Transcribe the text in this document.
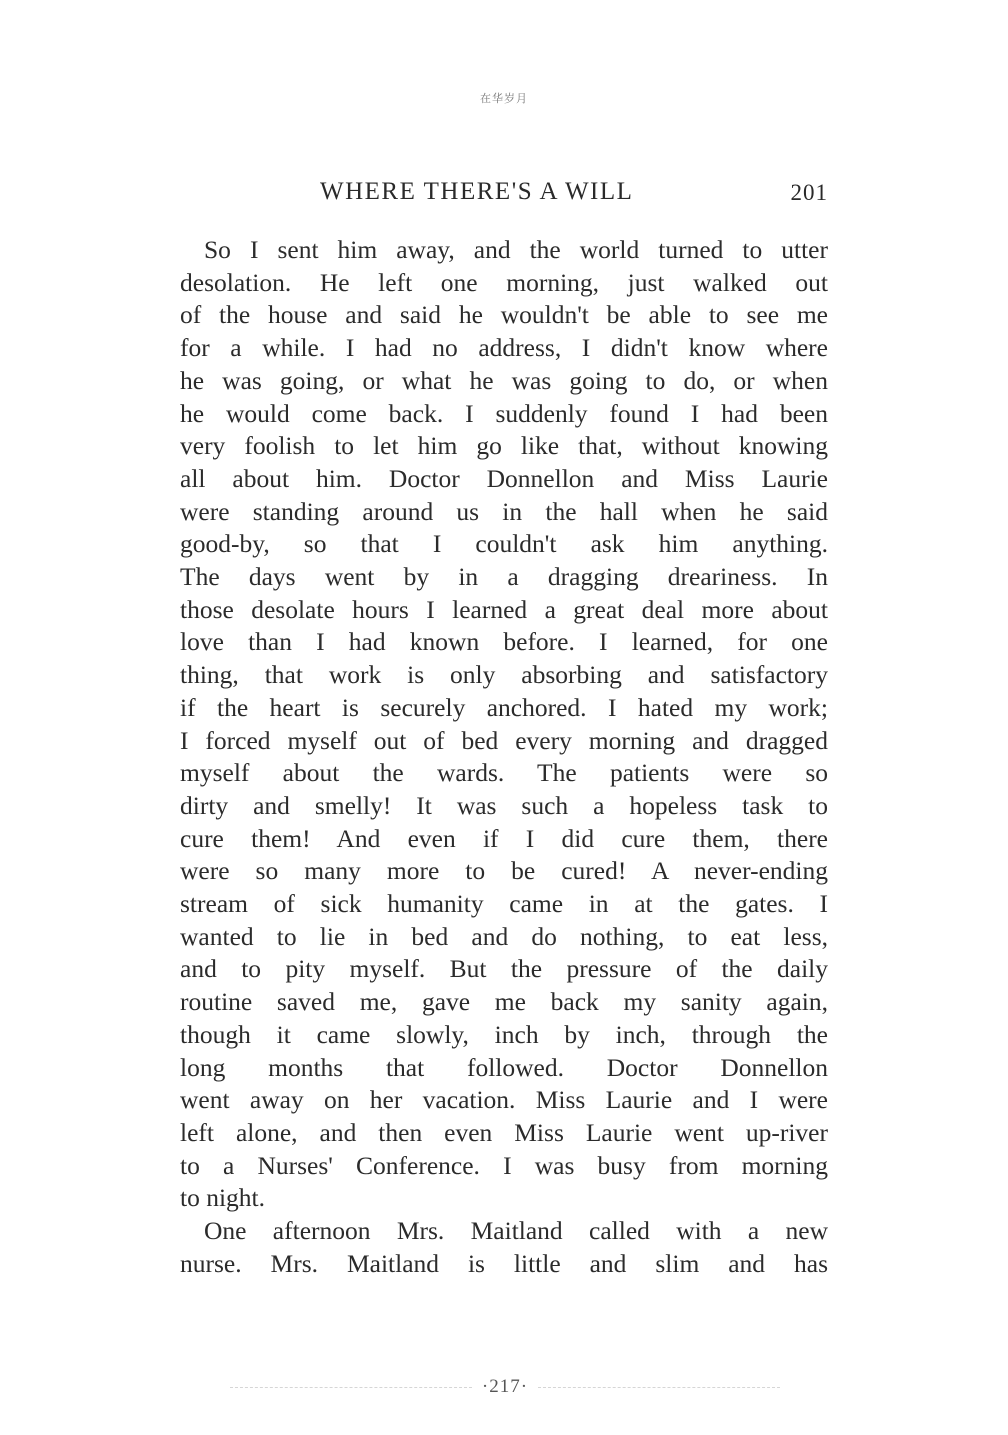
在华岁月
WHERE THERE'S A WILL	201

So I sent him away, and the world turned to utter
desolation. He left one morning, just walked out
of the house and said he wouldn't be able to see me
for a while. I had no address, I didn't know where
he was going, or what he was going to do, or when
he would come back. I suddenly found I had been
very foolish to let him go like that, without knowing
all about him. Doctor Donnellon and Miss Laurie
were standing around us in the hall when he said
good-by, so that I couldn't ask him anything.
The days went by in a dragging dreariness. In
those desolate hours I learned a great deal more about
love than I had known before. I learned, for one
thing, that work is only absorbing and satisfactory
if the heart is securely anchored. I hated my work;
I forced myself out of bed every morning and dragged
myself about the wards. The patients were so
dirty and smelly! It was such a hopeless task to
cure them! And even if I did cure them, there
were so many more to be cured! A never-ending
stream of sick humanity came in at the gates. I
wanted to lie in bed and do nothing, to eat less,
and to pity myself. But the pressure of the daily
routine saved me, gave me back my sanity again,
though it came slowly, inch by inch, through the
long months that followed. Doctor Donnellon
went away on her vacation. Miss Laurie and I were
left alone, and then even Miss Laurie went up-river
to a Nurses' Conference. I was busy from morning
to night.

One afternoon Mrs. Maitland called with a new
nurse. Mrs. Maitland is little and slim and has

·217·
